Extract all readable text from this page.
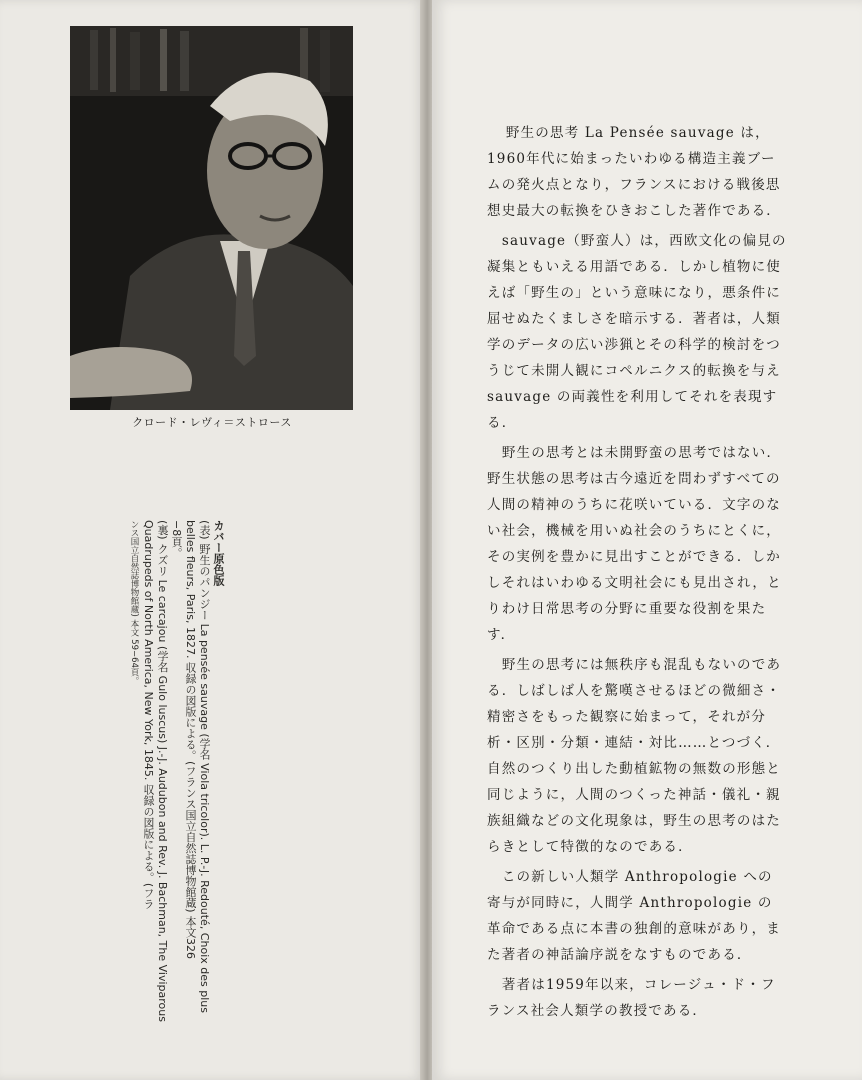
クロード・レヴィ＝ストロース
カバー原色版
(表) 野生のパンジー La pensée sauvage (学名 Viola tricolor). L. P.-J. Redouté, Choix des plus belles fleurs, Paris, 1827. 収録の図版による。(フランス国立自然誌博物館蔵) 本文326
−8頁。
(裏) クズリ Le carcajou (学名 Gulo luscus) J.-J. Audubon and Rev. J. Bachman, The Viviparous Quadrupeds of North America, New York, 1845. 収録の図版による。(フラ
ンス国立自然誌博物館蔵) 本文 59−64頁。

野生の思考 La Pensée sauvage は，1960年代に始まったいわゆる構造主義ブームの発火点となり，フランスにおける戦後思想史最大の転換をひきおこした著作である．

sauvage（野蛮人）は，西欧文化の偏見の凝集ともいえる用語である．しかし植物に使えば「野生の」という意味になり，悪条件に屈せぬたくましさを暗示する．著者は，人類学のデータの広い渉猟とその科学的検討をつうじて未開人観にコペルニクス的転換を与え sauvage の両義性を利用してそれを表現する．

野生の思考とは未開野蛮の思考ではない．野生状態の思考は古今遠近を問わずすべての人間の精神のうちに花咲いている．文字のない社会，機械を用いぬ社会のうちにとくに，その実例を豊かに見出すことができる．しかしそれはいわゆる文明社会にも見出され，とりわけ日常思考の分野に重要な役割を果たす．

野生の思考には無秩序も混乱もないのである．しばしば人を驚嘆させるほどの微細さ・精密さをもった観察に始まって，それが分析・区別・分類・連結・対比……とつづく．自然のつくり出した動植鉱物の無数の形態と同じように，人間のつくった神話・儀礼・親族組織などの文化現象は，野生の思考のはたらきとして特徴的なのである．

この新しい人類学 Anthropologie への寄与が同時に，人間学 Anthropologie の革命である点に本書の独創的意味があり，また著者の神話論序説をなすものである．

著者は1959年以来，コレージュ・ド・フランス社会人類学の教授である．
